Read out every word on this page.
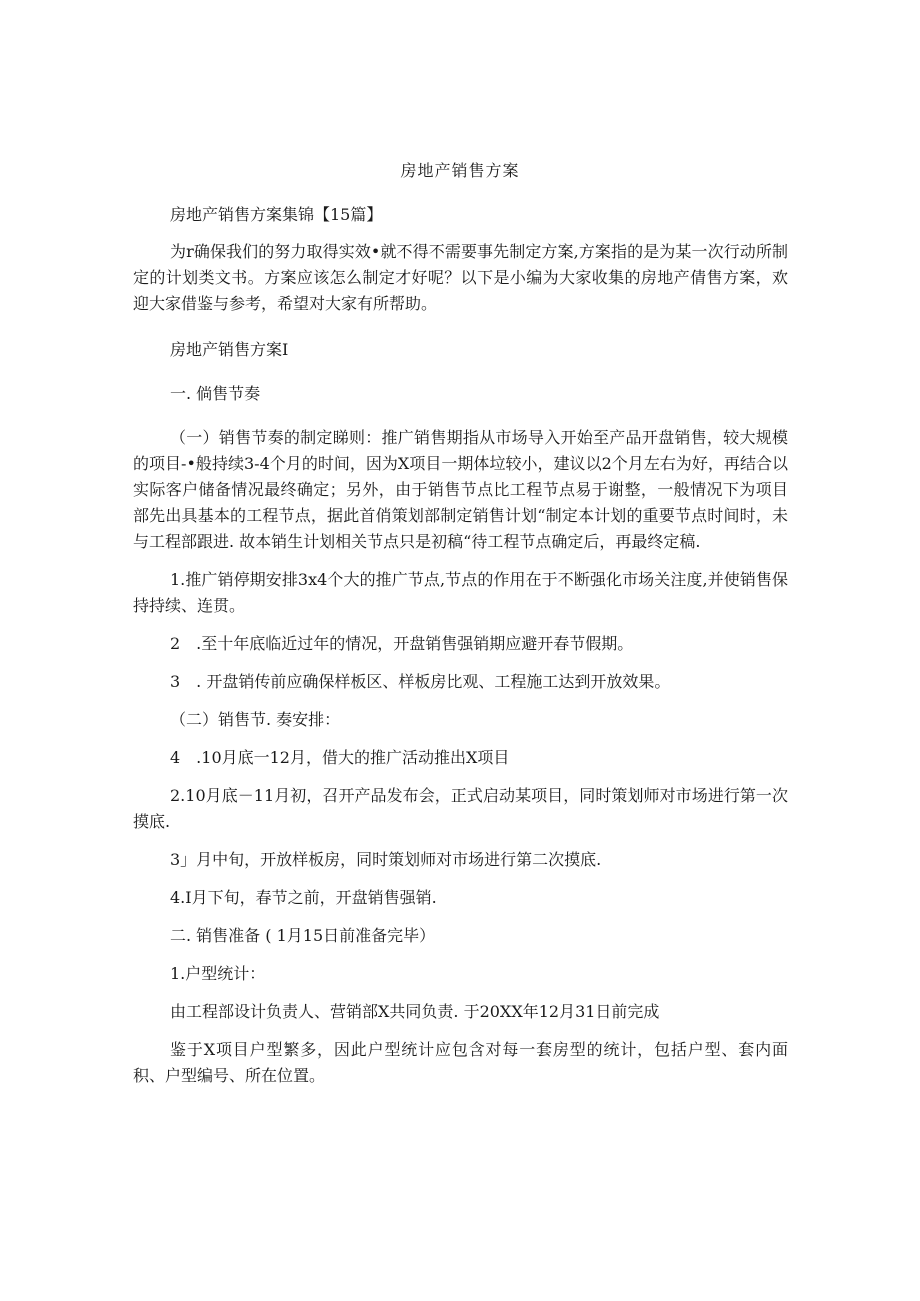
房地产销售方案

房地产销售方案集锦【15篇】

为r确保我们的努力取得实效•就不得不需要事先制定方案,方案指的是为某一次行动所制定的计划类文书。方案应该怎么制定才好呢？以下是小编为大家收集的房地产倩售方案，欢迎大家借鉴与参考，希望对大家有所帮助。

房地产销售方案I

一. 倘售节奏

（一）销售节奏的制定睇则：推广销售期指从市场导入开始至产品开盘销售，较大规模的项目-•般持续3-4个月的时间，因为X项目一期体垃较小，建议以2个月左右为好，再结合以实际客户储备情况最终确定；另外，由于销售节点比工程节点易于谢整，一般情况下为项目部先出具基本的工程节点，据此首俏策划部制定销售计划“制定本计划的重要节点时间时，未与工程部跟进. 故本销生计划相关节点只是初稿“待工程节点确定后，再最终定稿.

1.推广销停期安排3x4个大的推广节点,节点的作用在于不断强化市场关注度,并使销售保持持续、连贯。

2　.至十年底临近过年的情况，开盘销售强销期应避开春节假期。

3　. 开盘销传前应确保样板区、样板房比观、工程施工达到开放效果。

（二）销售节. 奏安排：

4　.10月底一12月，借大的推广活动推出X项目

2.10月底－11月初，召开产品发布会，正式启动某项目，同时策划师对市场进行第一次摸底.

3」月中旬，开放样板房，同时策划师对市场进行第二次摸底.

4.I月下旬，春节之前，开盘销售强销.

二. 销售准备 ( 1月15日前准备完毕）

1.户型统计：

由工程部设计负责人、营销部X共同负责. 于20XX年12月31日前完成

鉴于X项目户型繁多，因此户型统计应包含对每一套房型的统计，包括户型、套内面积、户型编号、所在位置。
